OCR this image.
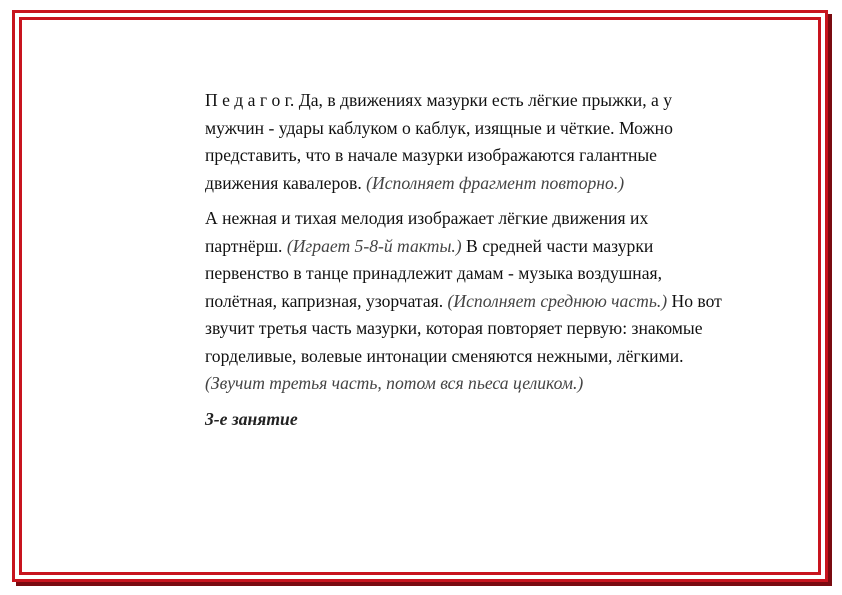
П е д а г о г. Да, в движениях мазурки есть лёгкие прыжки, а у мужчин - удары каблуком о каблук, изящные и чёткие. Можно представить, что в начале мазурки изображаются галантные движения кавалеров. (Исполняет фрагмент повторно.)

А нежная и тихая мелодия изображает лёгкие движения их партнёрш. (Играет 5-8-й такты.) В средней части мазурки первенство в танце принадлежит дамам - музыка воздушная, полётная, капризная, узорчатая. (Исполняет среднюю часть.) Но вот звучит третья часть мазурки, которая повторяет первую: знакомые горделивые, волевые интонации сменяются нежными, лёгкими. (Звучит третья часть, потом вся пьеса целиком.)

3-е занятие
